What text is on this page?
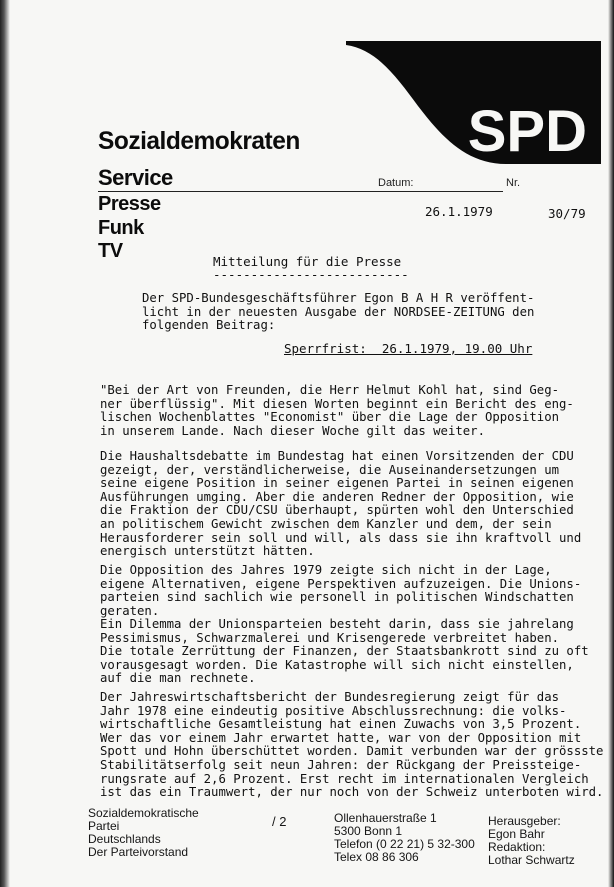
SPD
Sozialdemokraten
Service	Datum:	Nr.
Presse
Funk
TV
26.1.1979	30/79
Mitteilung für die Presse
--------------------------
Der SPD-Bundesgeschäftsführer Egon B A H R veröffent-
licht in der neuesten Ausgabe der NORDSEE-ZEITUNG den
folgenden Beitrag:
Sperrfrist:  26.1.1979, 19.00 Uhr
"Bei der Art von Freunden, die Herr Helmut Kohl hat, sind Geg-
ner überflüssig". Mit diesen Worten beginnt ein Bericht des eng-
lischen Wochenblattes "Economist" über die Lage der Opposition
in unserem Lande. Nach dieser Woche gilt das weiter.
Die Haushaltsdebatte im Bundestag hat einen Vorsitzenden der CDU
gezeigt, der, verständlicherweise, die Auseinandersetzungen um
seine eigene Position in seiner eigenen Partei in seinen eigenen
Ausführungen umging. Aber die anderen Redner der Opposition, wie
die Fraktion der CDU/CSU überhaupt, spürten wohl den Unterschied
an politischem Gewicht zwischen dem Kanzler und dem, der sein
Herausforderer sein soll und will, als dass sie ihn kraftvoll und
energisch unterstützt hätten.
Die Opposition des Jahres 1979 zeigte sich nicht in der Lage,
eigene Alternativen, eigene Perspektiven aufzuzeigen. Die Unions-
parteien sind sachlich wie personell in politischen Windschatten
geraten.
Ein Dilemma der Unionsparteien besteht darin, dass sie jahrelang
Pessimismus, Schwarzmalerei und Krisengerede verbreitet haben.
Die totale Zerrüttung der Finanzen, der Staatsbankrott sind zu oft
vorausgesagt worden. Die Katastrophe will sich nicht einstellen,
auf die man rechnete.
Der Jahreswirtschaftsbericht der Bundesregierung zeigt für das
Jahr 1978 eine eindeutig positive Abschlussrechnung: die volks-
wirtschaftliche Gesamtleistung hat einen Zuwachs von 3,5 Prozent.
Wer das vor einem Jahr erwartet hatte, war von der Opposition mit
Spott und Hohn überschüttet worden. Damit verbunden war der grössste
Stabilitätserfolg seit neun Jahren: der Rückgang der Preissteige-
rungsrate auf 2,6 Prozent. Erst recht im internationalen Vergleich
ist das ein Traumwert, der nur noch von der Schweiz unterboten wird.
Sozialdemokratische
Partei
Deutschlands
Der Parteivorstand
/ 2	Ollenhauerstraße 1
5300 Bonn 1
Telefon (0 22 21) 5 32-300
Telex 08 86 306
Herausgeber:
Egon Bahr
Redaktion:
Lothar Schwartz
